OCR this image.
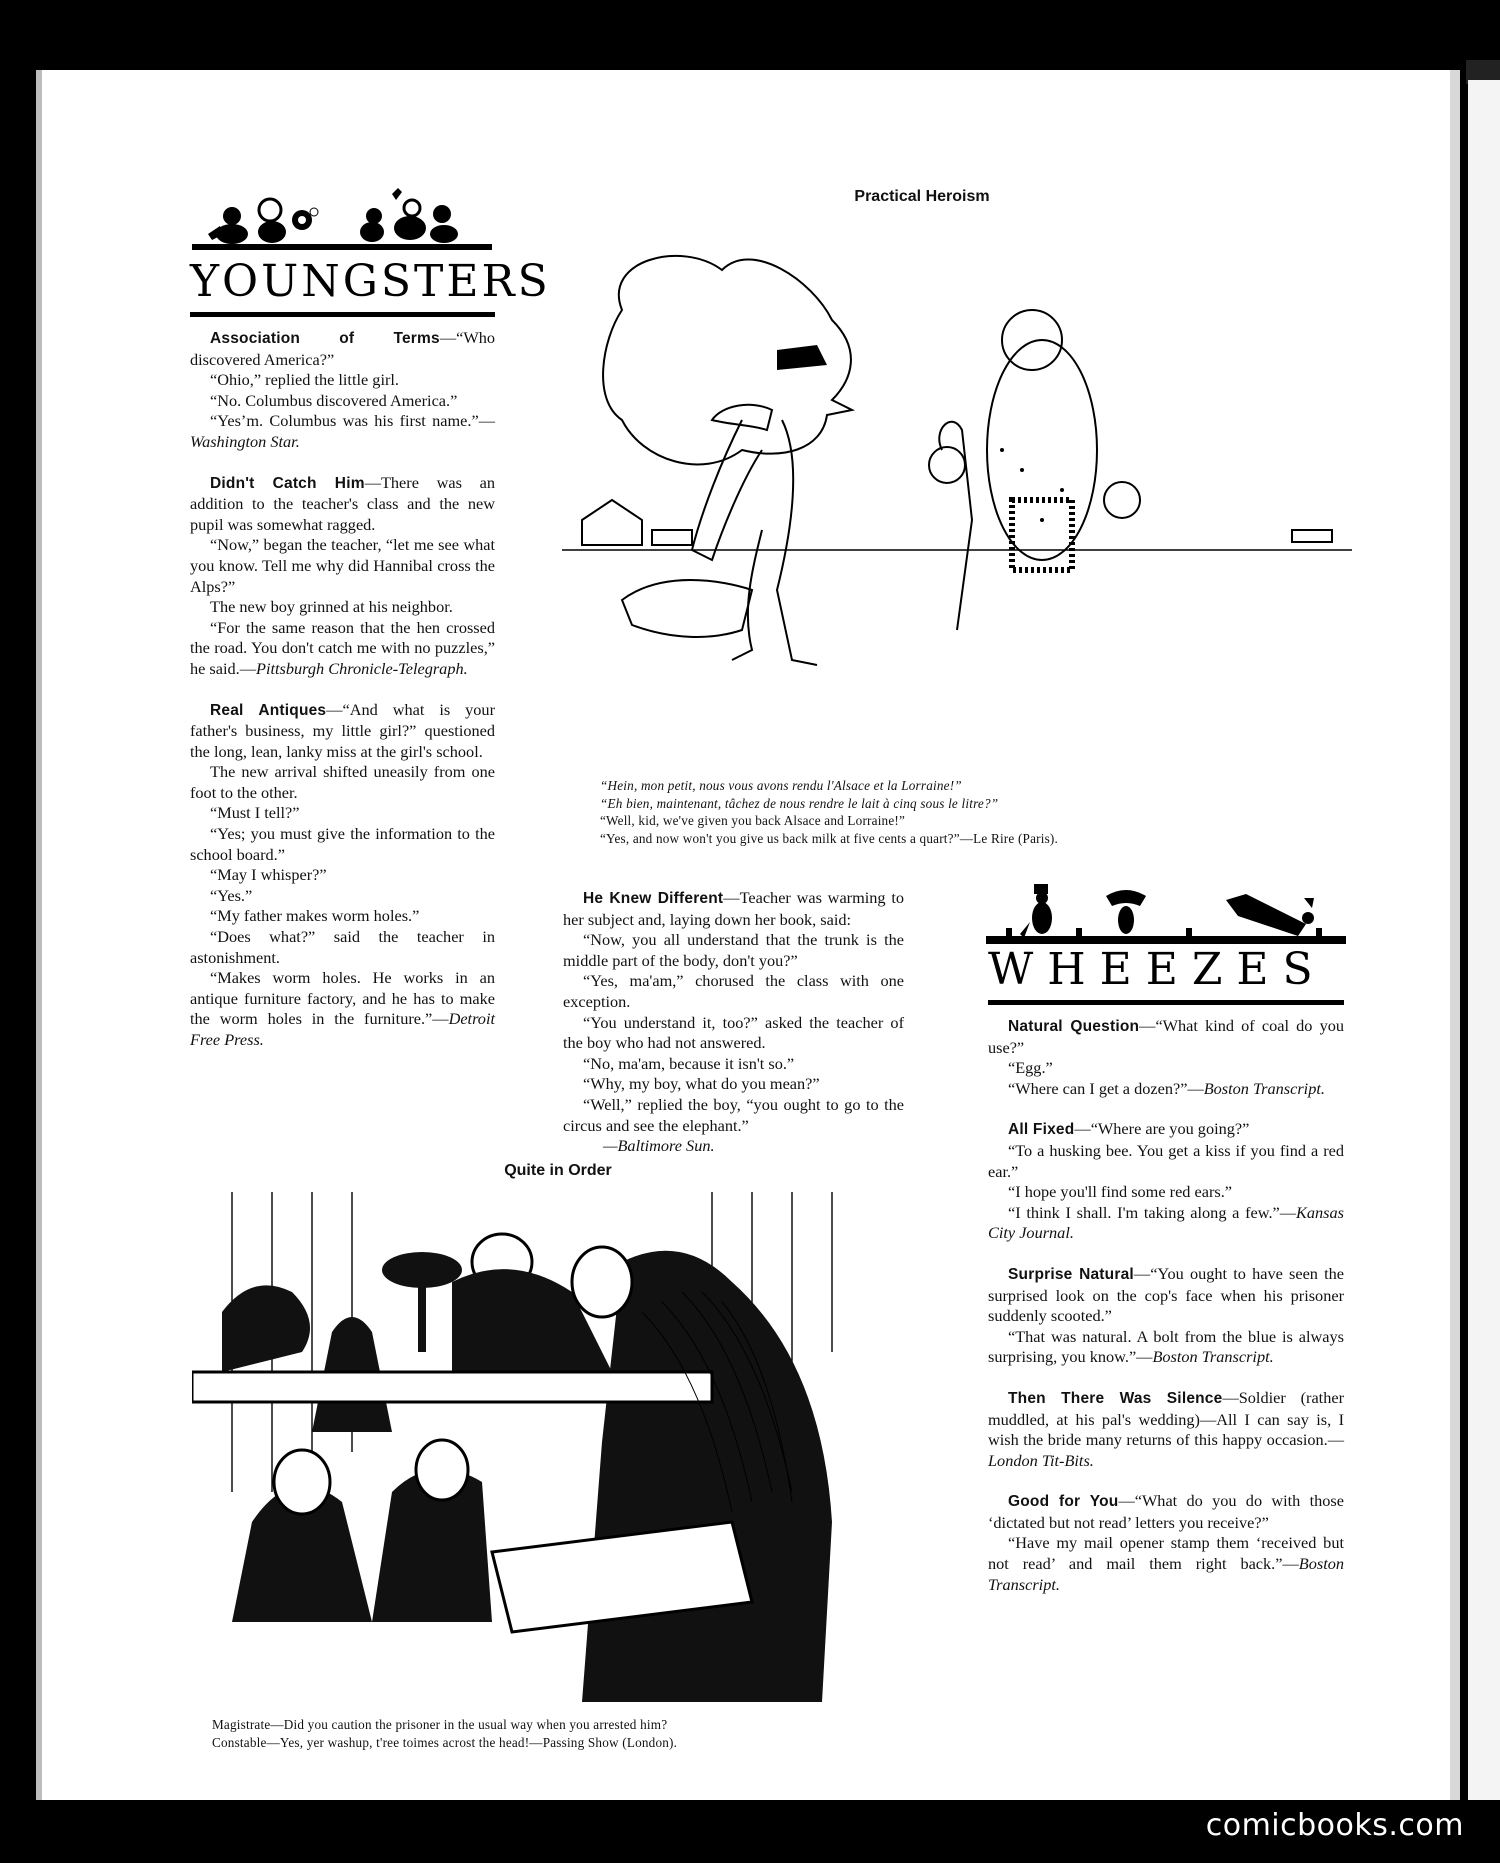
YOUNGSTERS

Association of Terms—“Who discovered America?”

“Ohio,” replied the little girl.

“No. Columbus discovered America.”

“Yes’m. Columbus was his first name.”—Washington Star.

Didn't Catch Him—There was an addition to the teacher's class and the new pupil was somewhat ragged.

“Now,” began the teacher, “let me see what you know. Tell me why did Hannibal cross the Alps?”

The new boy grinned at his neighbor.

“For the same reason that the hen crossed the road. You don't catch me with no puzzles,” he said.—Pittsburgh Chronicle-Telegraph.

Real Antiques—“And what is your father's business, my little girl?” questioned the long, lean, lanky miss at the girl's school.

The new arrival shifted uneasily from one foot to the other.

“Must I tell?”

“Yes; you must give the information to the school board.”

“May I whisper?”

“Yes.”

“My father makes worm holes.”

“Does what?” said the teacher in astonishment.

“Makes worm holes. He works in an antique furniture factory, and he has to make the worm holes in the furniture.”—Detroit Free Press.

Practical Heroism
“Hein, mon petit, nous vous avons rendu l'Alsace et la Lorraine!”
“Eh bien, maintenant, tâchez de nous rendre le lait à cinq sous le litre?”
“Well, kid, we've given you back Alsace and Lorraine!”
“Yes, and now won't you give us back milk at five cents a quart?”—Le Rire (Paris).

He Knew Different—Teacher was warming to her subject and, laying down her book, said:

“Now, you all understand that the trunk is the middle part of the body, don't you?”

“Yes, ma'am,” chorused the class with one exception.

“You understand it, too?” asked the teacher of the boy who had not answered.

“No, ma'am, because it isn't so.”

“Why, my boy, what do you mean?”

“Well,” replied the boy, “you ought to go to the circus and see the elephant.”

—Baltimore Sun.

WHEEZES

Natural Question—“What kind of coal do you use?”

“Egg.”

“Where can I get a dozen?”—Boston Transcript.

All Fixed—“Where are you going?”

“To a husking bee. You get a kiss if you find a red ear.”

“I hope you'll find some red ears.”

“I think I shall. I'm taking along a few.”—Kansas City Journal.

Surprise Natural—“You ought to have seen the surprised look on the cop's face when his prisoner suddenly scooted.”

“That was natural. A bolt from the blue is always surprising, you know.”—Boston Transcript.

Then There Was Silence—Soldier (rather muddled, at his pal's wedding)—All I can say is, I wish the bride many returns of this happy occasion.—London Tit-Bits.

Good for You—“What do you do with those ‘dictated but not read’ letters you receive?”

“Have my mail opener stamp them ‘received but not read’ and mail them right back.”—Boston Transcript.

Quite in Order
Magistrate—Did you caution the prisoner in the usual way when you arrested him?
Constable—Yes, yer washup, t'ree toimes acrost the head!—Passing Show (London).
comicbooks.com
